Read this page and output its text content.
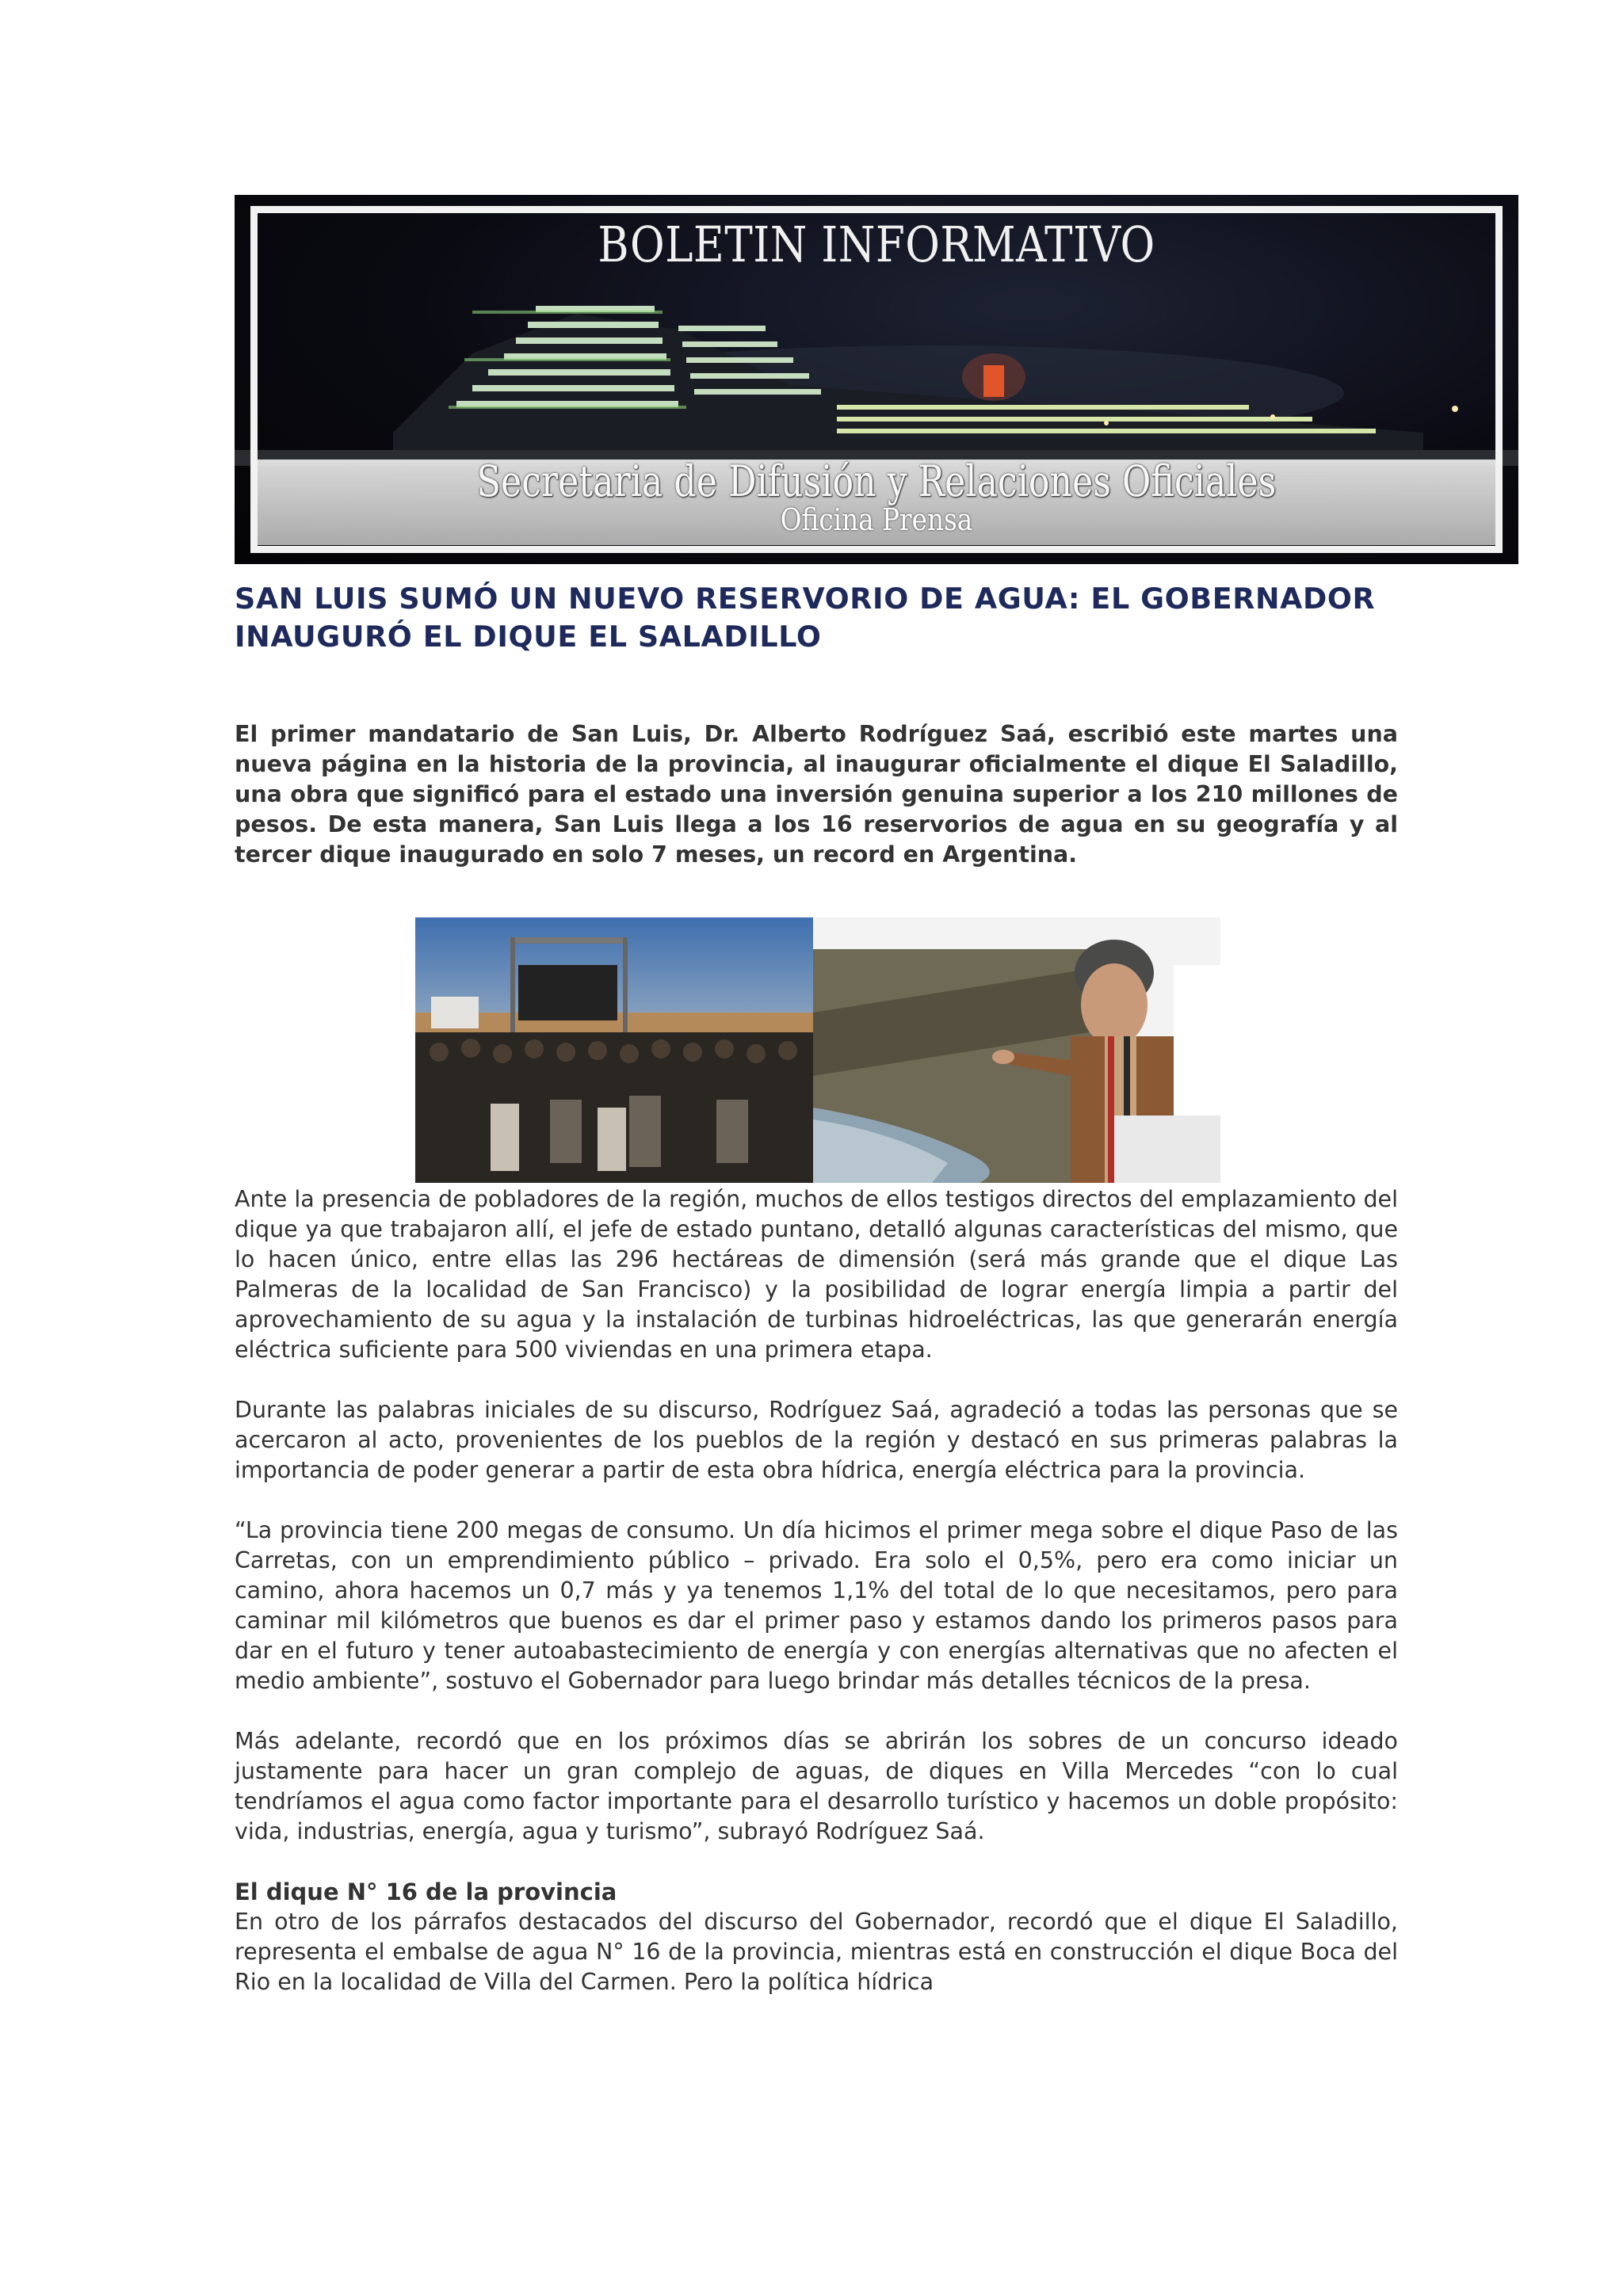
BOLETIN INFORMATIVO
Secretaria de Difusión y Relaciones Oficiales
Oficina Prensa
SAN LUIS SUMÓ UN NUEVO RESERVORIO DE AGUA: EL GOBERNADOR INAUGURÓ EL DIQUE EL SALADILLO

El primer mandatario de San Luis, Dr. Alberto Rodríguez Saá, escribió este martes una nueva página en la historia de la provincia, al inaugurar oficialmente el dique El Saladillo, una obra que significó para el estado una inversión genuina superior a los 210 millones de pesos. De esta manera, San Luis llega a los 16 reservorios de agua en su geografía y al tercer dique inaugurado en solo 7 meses, un record en Argentina.

Ante la presencia de pobladores de la región, muchos de ellos testigos directos del emplazamiento del dique ya que trabajaron allí, el jefe de estado puntano, detalló algunas características del mismo, que lo hacen único, entre ellas las 296 hectáreas de dimensión (será más grande que el dique Las Palmeras de la localidad de San Francisco) y la posibilidad de lograr energía limpia a partir del aprovechamiento de su agua y la instalación de turbinas hidroeléctricas, las que generarán energía eléctrica suficiente para 500 viviendas en una primera etapa.

Durante las palabras iniciales de su discurso, Rodríguez Saá, agradeció a todas las personas que se acercaron al acto, provenientes de los pueblos de la región y destacó en sus primeras palabras la importancia de poder generar a partir de esta obra hídrica, energía eléctrica para la provincia.

“La provincia tiene 200 megas de consumo. Un día hicimos el primer mega sobre el dique Paso de las Carretas, con un emprendimiento público – privado. Era solo el 0,5%, pero era como iniciar un camino, ahora hacemos un 0,7 más y ya tenemos 1,1% del total de lo que necesitamos, pero para caminar mil kilómetros que buenos es dar el primer paso y estamos dando los primeros pasos para dar en el futuro y tener autoabastecimiento de energía y con energías alternativas que no afecten el medio ambiente”, sostuvo el Gobernador para luego brindar más detalles técnicos de la presa.

Más adelante, recordó que en los próximos días se abrirán los sobres de un concurso ideado justamente para hacer un gran complejo de aguas, de diques en Villa Mercedes “con lo cual tendríamos el agua como factor importante para el desarrollo turístico y hacemos un doble propósito: vida, industrias, energía, agua y turismo”, subrayó Rodríguez Saá.

El dique N° 16 de la provincia

En otro de los párrafos destacados del discurso del Gobernador, recordó que el dique El Saladillo, representa el embalse de agua N° 16 de la provincia, mientras está en construcción el dique Boca del Rio en la localidad de Villa del Carmen. Pero la política hídrica
